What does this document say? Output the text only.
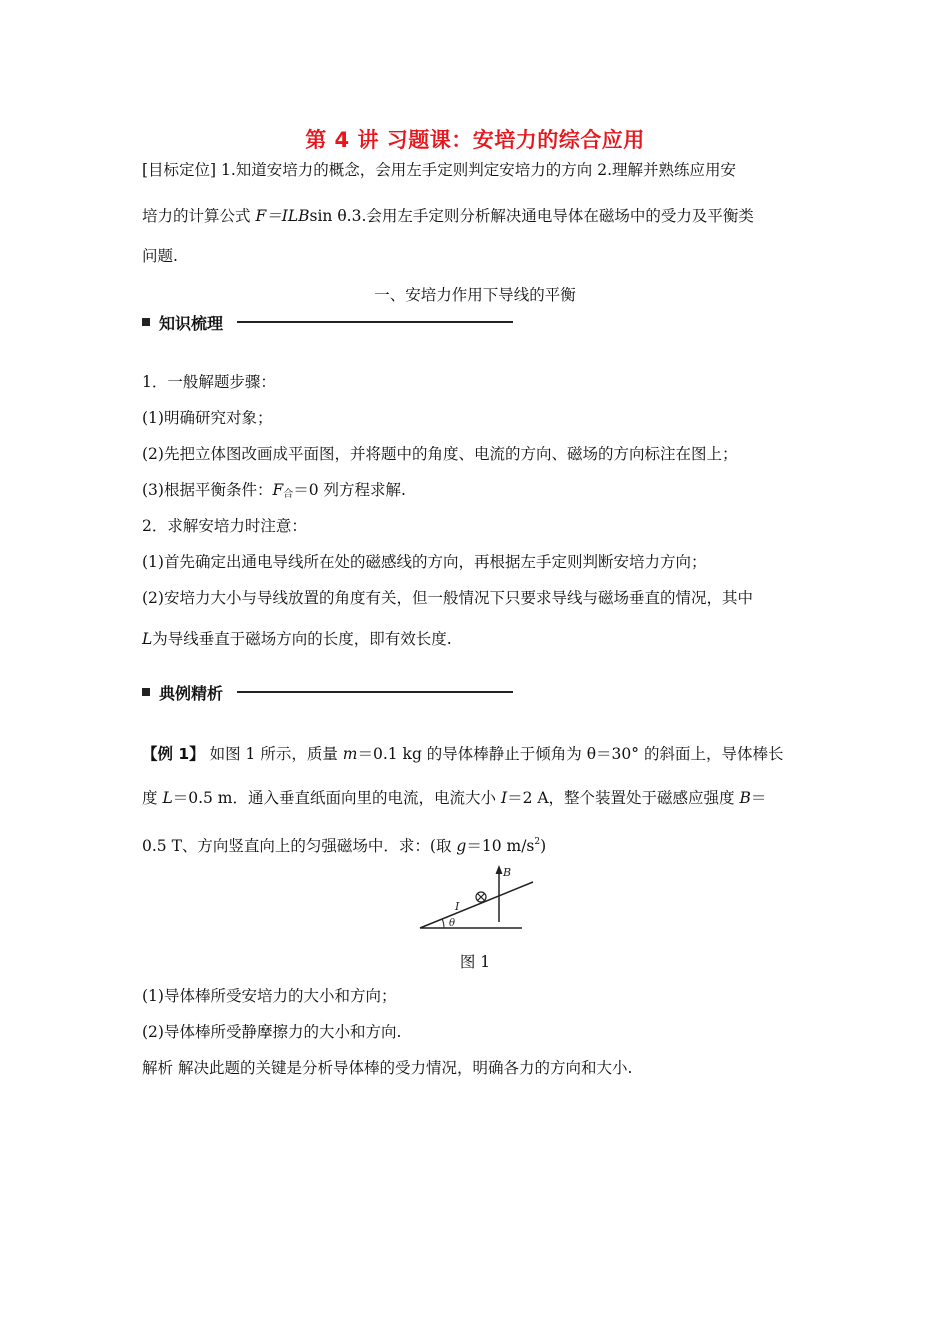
第 4 讲 习题课：安培力的综合应用
[目标定位] 1.知道安培力的概念，会用左手定则判定安培力的方向 2.理解并熟练应用安
培力的计算公式 F＝ILBsin θ.3.会用左手定则分析解决通电导体在磁场中的受力及平衡类
问题.
一、安培力作用下导线的平衡
知识梳理
1．一般解题步骤：
(1)明确研究对象；
(2)先把立体图改画成平面图，并将题中的角度、电流的方向、磁场的方向标注在图上；
(3)根据平衡条件：$F_合=0$ 列方程求解.
2．求解安培力时注意：
(1)首先确定出通电导线所在处的磁感线的方向，再根据左手定则判断安培力方向；
(2)安培力大小与导线放置的角度有关，但一般情况下只要求导线与磁场垂直的情况，其中
L为导线垂直于磁场方向的长度，即有效长度.
典例精析
【例 1】 如图 1 所示，质量 m＝0.1 kg 的导体棒静止于倾角为 θ＝30° 的斜面上，导体棒长
度 L＝0.5 m．通入垂直纸面向里的电流，电流大小 I＝2 A，整个装置处于磁感应强度 B＝
0.5 T、方向竖直向上的匀强磁场中．求：(取 g＝10 $m/s^2$)
B
I
θ
图 1
(1)导体棒所受安培力的大小和方向；
(2)导体棒所受静摩擦力的大小和方向.
解析 解决此题的关键是分析导体棒的受力情况，明确各力的方向和大小.
